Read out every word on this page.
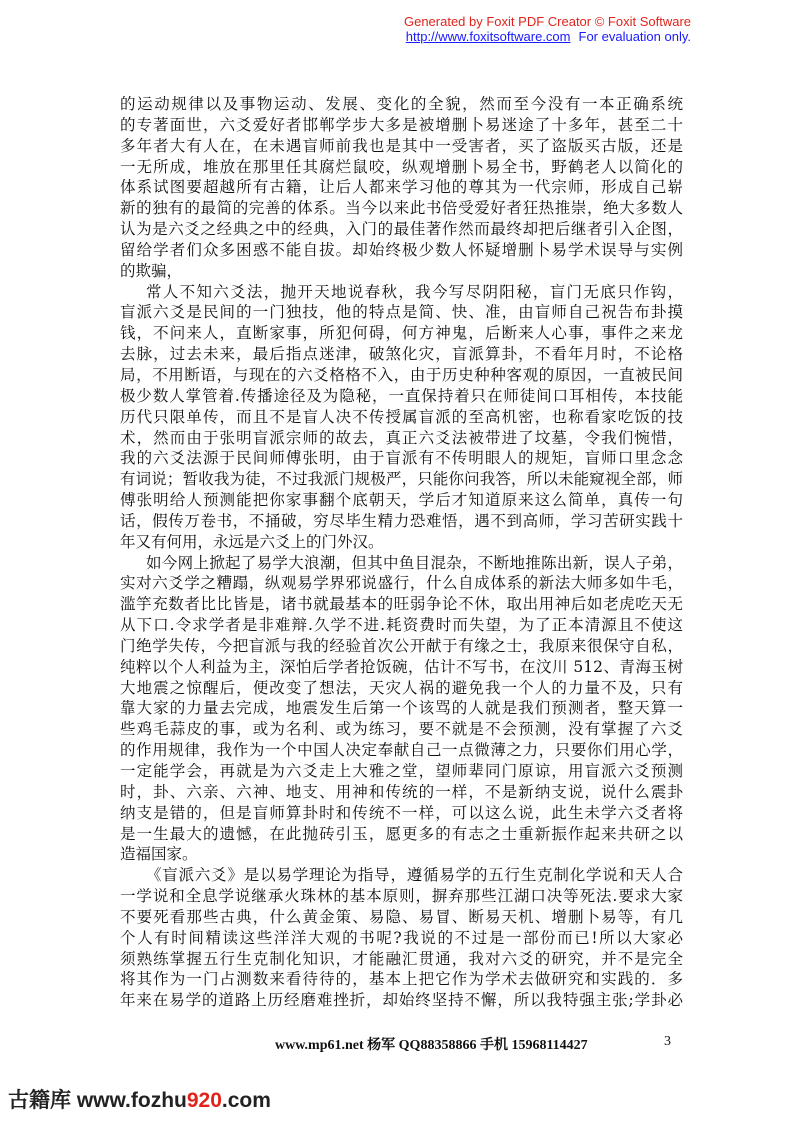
Generated by Foxit PDF Creator © Foxit Software
http://www.foxitsoftware.com For evaluation only.
的运动规律以及事物运动、发展、变化的全貌，然而至今没有一本正确系统
的专著面世，六爻爱好者邯郸学步大多是被增删卜易迷途了十多年，甚至二十
多年者大有人在，在未遇盲师前我也是其中一受害者，买了盗版买古版，还是
一无所成，堆放在那里任其腐烂鼠咬，纵观增删卜易全书，野鹤老人以简化的
体系试图要超越所有古籍，让后人都来学习他的尊其为一代宗师，形成自己崭
新的独有的最简的完善的体系。当今以来此书倍受爱好者狂热推崇，绝大多数人
认为是六爻之经典之中的经典，入门的最佳著作然而最终却把后继者引入企图，
留给学者们众多困惑不能自拔。却始终极少数人怀疑增删卜易学术误导与实例
的欺骗，
常人不知六爻法，抛开天地说春秋，我今写尽阴阳秘，盲门无底只作钩，
盲派六爻是民间的一门独技，他的特点是简、快、准，由盲师自己祝告布卦摸
钱，不问来人，直断家事，所犯何碍，何方神鬼，后断来人心事，事件之来龙
去脉，过去未来，最后指点迷津，破煞化灾，盲派算卦，不看年月时，不论格
局，不用断语，与现在的六爻格格不入，由于历史种种客观的原因，一直被民间
极少数人掌管着.传播途径及为隐秘，一直保持着只在师徒间口耳相传，本技能
历代只限单传，而且不是盲人决不传授属盲派的至高机密，也称看家吃饭的技
术，然而由于张明盲派宗师的故去，真正六爻法被带进了坟墓，令我们惋惜，
我的六爻法源于民间师傅张明，由于盲派有不传明眼人的规矩，盲师口里念念
有词说；暂收我为徒，不过我派门规极严，只能你问我答，所以未能窥视全部，师
傅张明给人预测能把你家事翻个底朝天，学后才知道原来这么简单，真传一句
话，假传万卷书，不捅破，穷尽毕生精力恐难悟，遇不到高师，学习苦研实践十
年又有何用，永远是六爻上的门外汉。
如今网上掀起了易学大浪潮，但其中鱼目混杂，不断地推陈出新，误人子弟，
实对六爻学之糟蹋，纵观易学界邪说盛行，什么自成体系的新法大师多如牛毛，
滥竽充数者比比皆是，诸书就最基本的旺弱争论不休，取出用神后如老虎吃天无
从下口.令求学者是非难辩.久学不进.耗资费时而失望，为了正本清源且不使这
门绝学失传，今把盲派与我的经验首次公开献于有缘之士，我原来很保守自私，
纯粹以个人利益为主，深怕后学者抢饭碗，估计不写书，在汶川 512、青海玉树
大地震之惊醒后，便改变了想法，天灾人祸的避免我一个人的力量不及，只有
靠大家的力量去完成，地震发生后第一个该骂的人就是我们预测者，整天算一
些鸡毛蒜皮的事，或为名利、或为练习，要不就是不会预测，没有掌握了六爻
的作用规律，我作为一个中国人决定奉献自己一点微薄之力，只要你们用心学，
一定能学会，再就是为六爻走上大雅之堂，望师辈同门原谅，用盲派六爻预测
时，卦、六亲、六神、地支、用神和传统的一样，不是新纳支说，说什么震卦
纳支是错的，但是盲师算卦时和传统不一样，可以这么说，此生未学六爻者将
是一生最大的遗憾，在此抛砖引玉，愿更多的有志之士重新振作起来共研之以
造福国家。
《盲派六爻》是以易学理论为指导，遵循易学的五行生克制化学说和天人合
一学说和全息学说继承火珠林的基本原则，摒弃那些江湖口决等死法.要求大家
不要死看那些古典，什么黄金策、易隐、易冒、断易天机、增删卜易等，有几
个人有时间精读这些洋洋大观的书呢?我说的不过是一部份而已!所以大家必
须熟练掌握五行生克制化知识，才能融汇贯通，我对六爻的研究，并不是完全
将其作为一门占测数来看待待的，基本上把它作为学术去做研究和实践的．多
年来在易学的道路上历经磨难挫折，却始终坚持不懈，所以我特强主张;学卦必
www.mp61.net 杨军 QQ88358866 手机 15968114427	3
古籍库 www.fozhu920.com
